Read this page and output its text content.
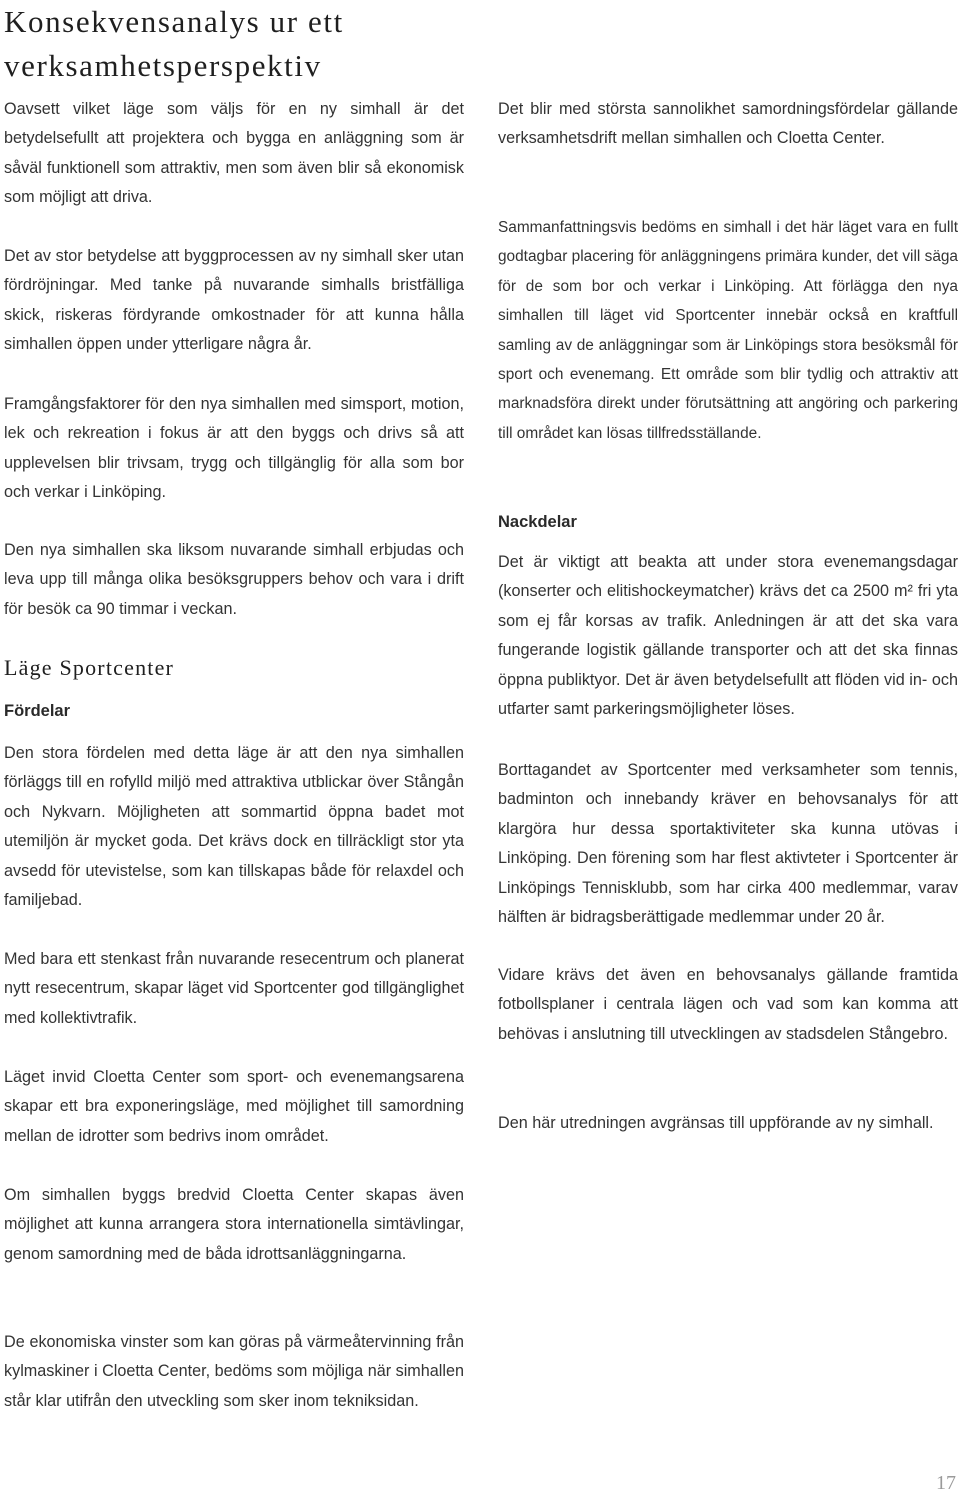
Konsekvensanalys ur ett
verksamhetsperspektiv

Oavsett vilket läge som väljs för en ny simhall är det betydelsefullt att projektera och bygga en anläggning som är såväl funktionell som attraktiv, men som även blir så ekonomisk som möjligt att driva.

Det av stor betydelse att byggprocessen av ny simhall sker utan fördröjningar. Med tanke på nuvarande simhalls bristfälliga skick, riskeras fördyrande omkostnader för att kunna hålla simhallen öppen under ytterligare några år.

Framgångsfaktorer för den nya simhallen med simsport, motion, lek och rekreation i fokus är att den byggs och drivs så att upplevelsen blir trivsam, trygg och tillgänglig för alla som bor och verkar i Linköping.

Den nya simhallen ska liksom nuvarande simhall erbjudas och leva upp till många olika besöksgruppers behov och vara i drift för besök ca 90 timmar i veckan.

Läge Sportcenter
Fördelar

Den stora fördelen med detta läge är att den nya simhallen förläggs till en rofylld miljö med attraktiva utblickar över Stångån och Nykvarn. Möjligheten att sommartid öppna badet mot utemiljön är mycket goda. Det krävs dock en tillräckligt stor yta avsedd för utevistelse, som kan tillskapas både för relaxdel och familjebad.

Med bara ett stenkast från nuvarande resecentrum och planerat nytt resecentrum, skapar läget vid Sportcenter god tillgänglighet med kollektivtrafik.

Läget invid Cloetta Center som sport- och evenemangsarena skapar ett bra exponeringsläge, med möjlighet till samordning mellan de idrotter som bedrivs inom området.

Om simhallen byggs bredvid Cloetta Center skapas även möjlighet att kunna arrangera stora internationella simtävlingar, genom samordning med de båda idrottsanläggningarna.

De ekonomiska vinster som kan göras på värmeåtervinning från kylmaskiner i Cloetta Center, bedöms som möjliga när simhallen står klar utifrån den utveckling som sker inom tekniksidan.

Det blir med största sannolikhet samordningsfördelar gällande verksamhetsdrift mellan simhallen och Cloetta Center.

Sammanfattningsvis bedöms en simhall i det här läget vara en fullt godtagbar placering för anläggningens primära kunder, det vill säga för de som bor och verkar i Linköping. Att förlägga den nya simhallen till läget vid Sportcenter innebär också en kraftfull samling av de anläggningar som är Linköpings stora besöksmål för sport och evenemang. Ett område som blir tydlig och attraktiv att marknadsföra direkt under förutsättning att angöring och parkering till området kan lösas tillfredsställande.

Nackdelar

Det är viktigt att beakta att under stora evenemangsdagar (konserter och elitishockeymatcher) krävs det ca 2500 m² fri yta som ej får korsas av trafik. Anledningen är att det ska vara fungerande logistik gällande transporter och att det ska finnas öppna publiktyor. Det är även betydelsefullt att flöden vid in- och utfarter samt parkeringsmöjligheter löses.

Borttagandet av Sportcenter med verksamheter som tennis, badminton och innebandy kräver en behovsanalys för att klargöra hur dessa sportaktiviteter ska kunna utövas i Linköping. Den förening som har flest aktivteter i Sportcenter är Linköpings Tennisklubb, som har cirka 400 medlemmar, varav hälften är bidragsberättigade medlemmar under 20 år.

Vidare krävs det även en behovsanalys gällande framtida fotbollsplaner i centrala lägen och vad som kan komma att behövas i anslutning till utvecklingen av stadsdelen Stångebro.

Den här utredningen avgränsas till uppförande av ny simhall.

17
